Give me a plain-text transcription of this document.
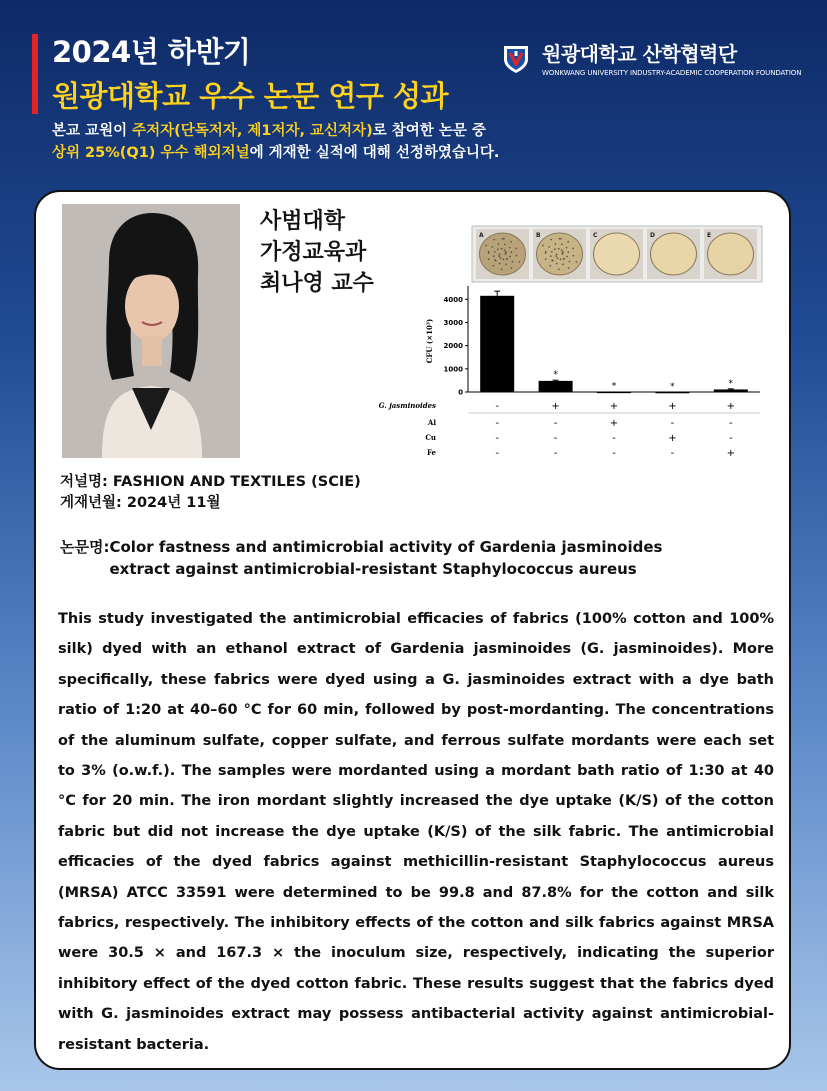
2024년 하반기
원광대학교 우수 논문 연구 성과
본교 교원이 주저자(단독저자, 제1저자, 교신저자)로 참여한 논문 중
상위 25%(Q1) 우수 해외저널에 게재한 실적에 대해 선정하였습니다.
원광대학교 산학협력단
WONKWANG UNIVERSITY INDUSTRY-ACADEMIC COOPERATION FOUNDATION
사범대학
가정교육과
최나영 교수
A	B	C	D	E
0
1000
2000
3000
4000
CFU (×10³)
*
*	*	*
G. jasminoides	-	+	+	+	+
Al	-	-	+	-	-
Cu	-	-	-	+	-
Fe	-	-	-	-	+
저널명: FASHION AND TEXTILES (SCIE)
게재년월: 2024년 11월
논문명: Color fastness and antimicrobial activity of Gardenia jasminoides extract against antimicrobial-resistant Staphylococcus aureus

This study investigated the antimicrobial efficacies of fabrics (100% cotton and 100% silk) dyed with an ethanol extract of Gardenia jasminoides (G. jasminoides). More specifically, these fabrics were dyed using a G. jasminoides extract with a dye bath ratio of 1:20 at 40–60 °C for 60 min, followed by post-mordanting. The concentrations of the aluminum sulfate, copper sulfate, and ferrous sulfate mordants were each set to 3% (o.w.f.). The samples were mordanted using a mordant bath ratio of 1:30 at 40 °C for 20 min. The iron mordant slightly increased the dye uptake (K/S) of the cotton fabric but did not increase the dye uptake (K/S) of the silk fabric. The antimicrobial efficacies of the dyed fabrics against methicillin-resistant Staphylococcus aureus (MRSA) ATCC 33591 were determined to be 99.8 and 87.8% for the cotton and silk fabrics, respectively. The inhibitory effects of the cotton and silk fabrics against MRSA were 30.5 × and 167.3 × the inoculum size, respectively, indicating the superior inhibitory effect of the dyed cotton fabric. These results suggest that the fabrics dyed with G. jasminoides extract may possess antibacterial activity against antimicrobial-resistant bacteria.
